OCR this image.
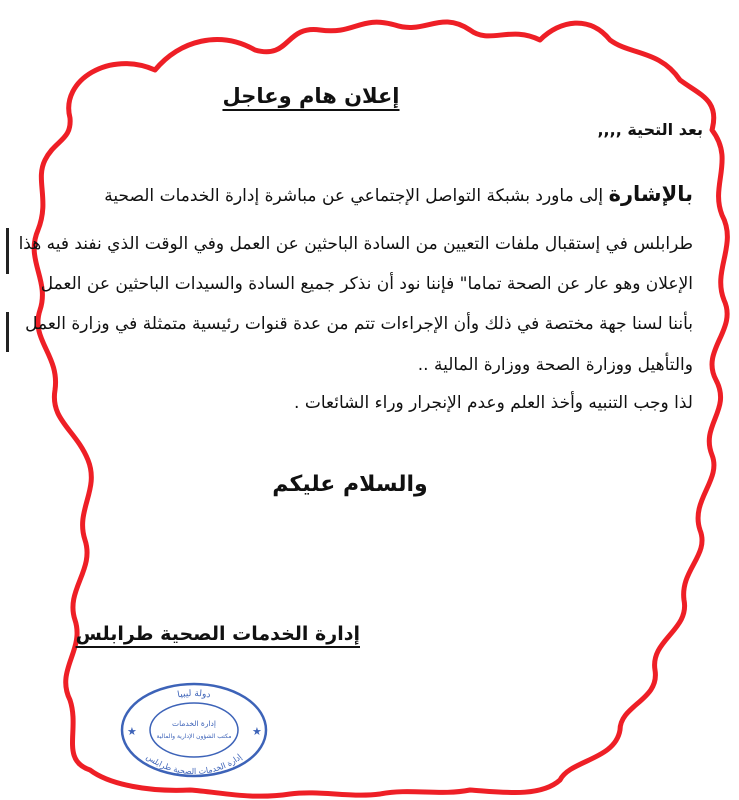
إعلان هام وعاجل
بعد التحية ,,,,
بالإشارة إلى ماورد بشبكة التواصل الإجتماعي عن مباشرة إدارة الخدمات الصحية
طرابلس في إستقبال ملفات التعيين من السادة الباحثين عن العمل وفي الوقت الذي نفند فيه هذا
الإعلان وهو عار عن الصحة تماما" فإننا نود أن نذكر جميع السادة والسيدات الباحثين عن العمل
بأننا لسنا جهة مختصة في ذلك وأن الإجراءات تتم من عدة قنوات رئيسية متمثلة في وزارة العمل
والتأهيل ووزارة الصحة ووزارة المالية ..
لذا وجب التنبيه وأخذ العلم وعدم الإنجرار وراء الشائعات .
والسلام عليكم
إدارة الخدمات الصحية طرابلس
★	★
دولة ليبيا
إدارة الخدمات الصحية طرابلس
إدارة الخدمات
مكتب الشؤون الإدارية والمالية
